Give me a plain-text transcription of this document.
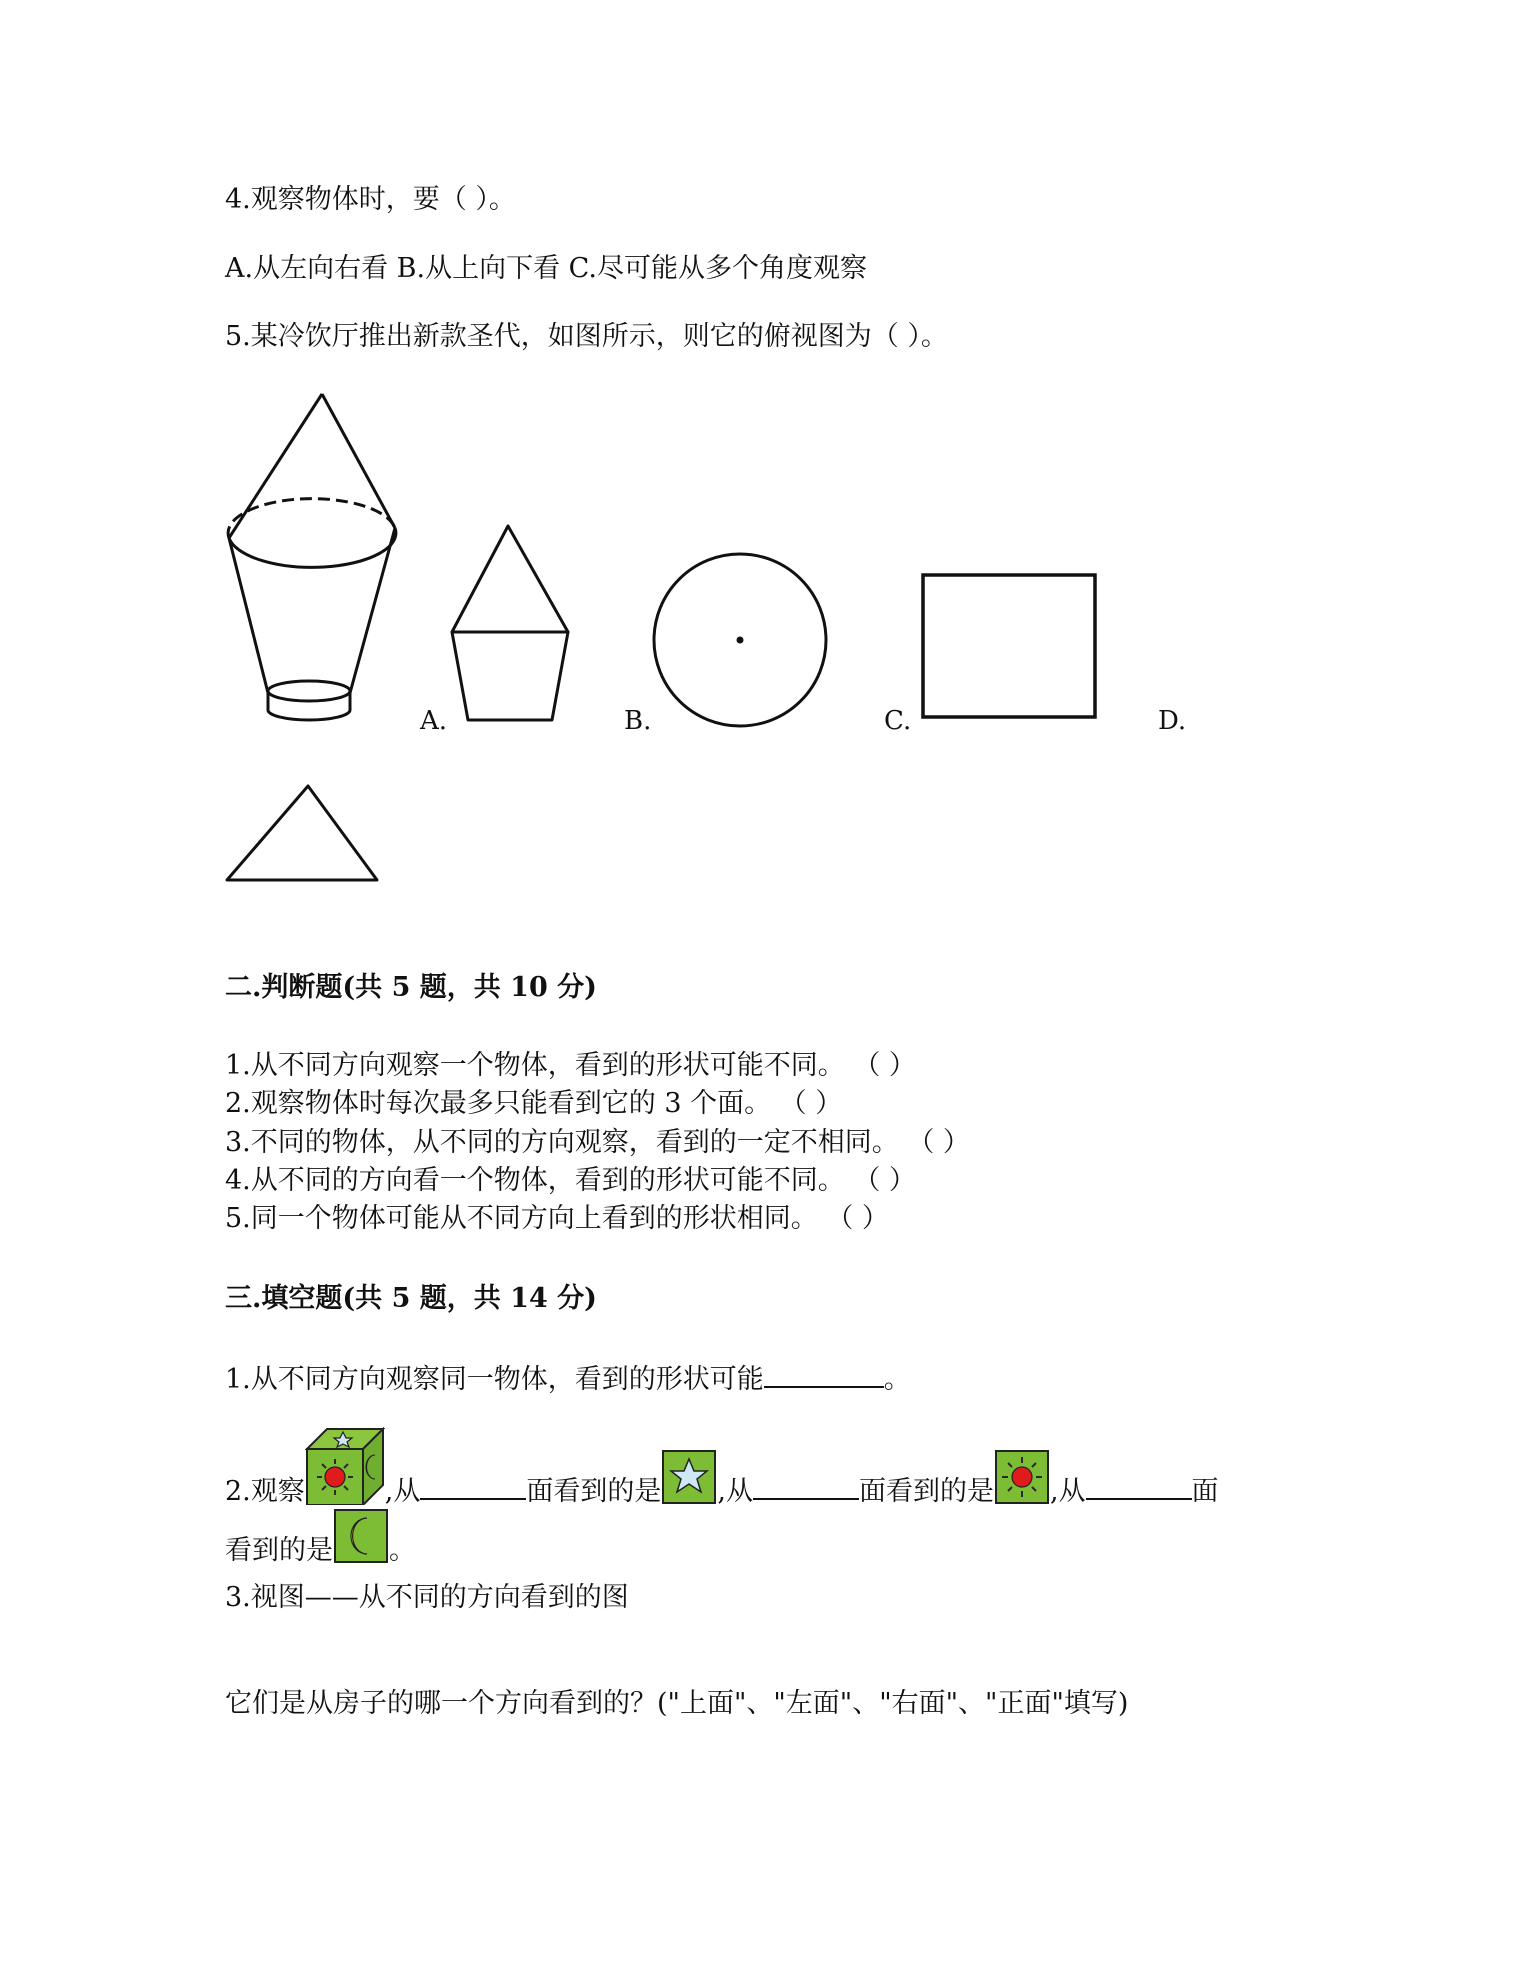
4.观察物体时，要（ ）。
A.从左向右看 B.从上向下看 C.尽可能从多个角度观察
5.某冷饮厅推出新款圣代，如图所示，则它的俯视图为（ ）。
A.	B.	C.	D.
二.判断题(共 5 题，共 10 分)
1.从不同方向观察一个物体，看到的形状可能不同。 （ ）
2.观察物体时每次最多只能看到它的 3 个面。 （ ）
3.不同的物体，从不同的方向观察，看到的一定不相同。 （ ）
4.从不同的方向看一个物体，看到的形状可能不同。 （ ）
5.同一个物体可能从不同方向上看到的形状相同。 （ ）
三.填空题(共 5 题，共 14 分)
1.从不同方向观察同一物体，看到的形状可能	。
2.观察	,从	面看到的是 ,从	面看到的是 ,从	面
看到的是 。
3.视图——从不同的方向看到的图
它们是从房子的哪一个方向看到的？("上面"、"左面"、"右面"、"正面"填写)
